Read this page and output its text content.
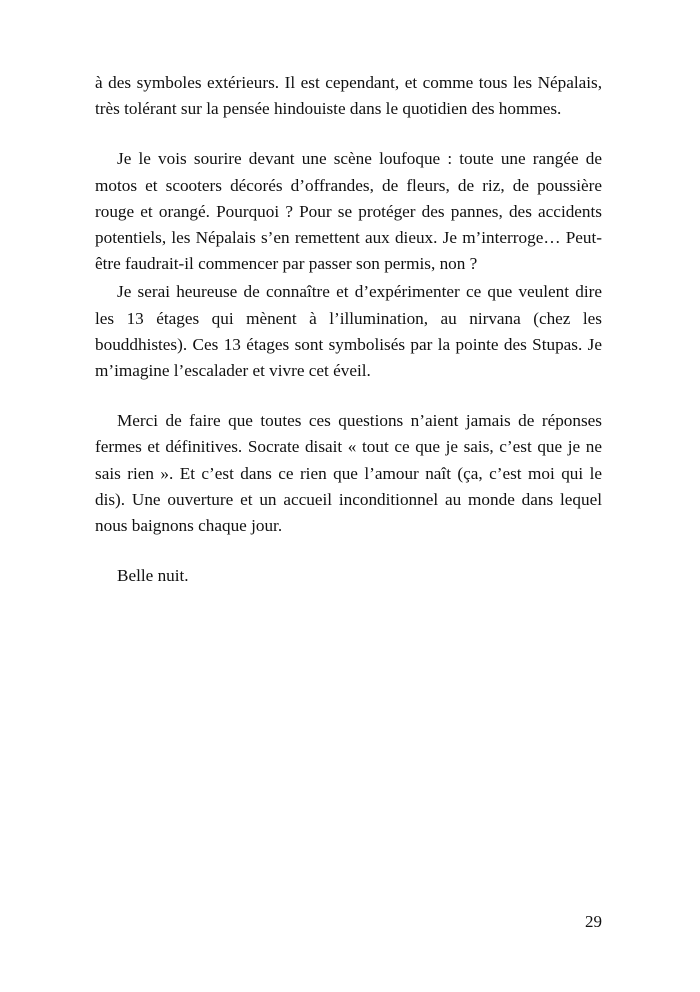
à des symboles extérieurs. Il est cependant, et comme tous les Népalais, très tolérant sur la pensée hindouiste dans le quotidien des hommes.

Je le vois sourire devant une scène loufoque : toute une rangée de motos et scooters décorés d’offrandes, de fleurs, de riz, de poussière rouge et orangé. Pourquoi ? Pour se protéger des pannes, des accidents potentiels, les Népalais s’en remettent aux dieux. Je m’interroge… Peut-être faudrait-il commencer par passer son permis, non ?

Je serai heureuse de connaître et d’expérimenter ce que veulent dire les 13 étages qui mènent à l’illumination, au nirvana (chez les bouddhistes). Ces 13 étages sont symbolisés par la pointe des Stupas. Je m’imagine l’escalader et vivre cet éveil.

Merci de faire que toutes ces questions n’aient jamais de réponses fermes et définitives. Socrate disait « tout ce que je sais, c’est que je ne sais rien ». Et c’est dans ce rien que l’amour naît (ça, c’est moi qui le dis). Une ouverture et un accueil inconditionnel au monde dans lequel nous baignons chaque jour.

Belle nuit.

29
